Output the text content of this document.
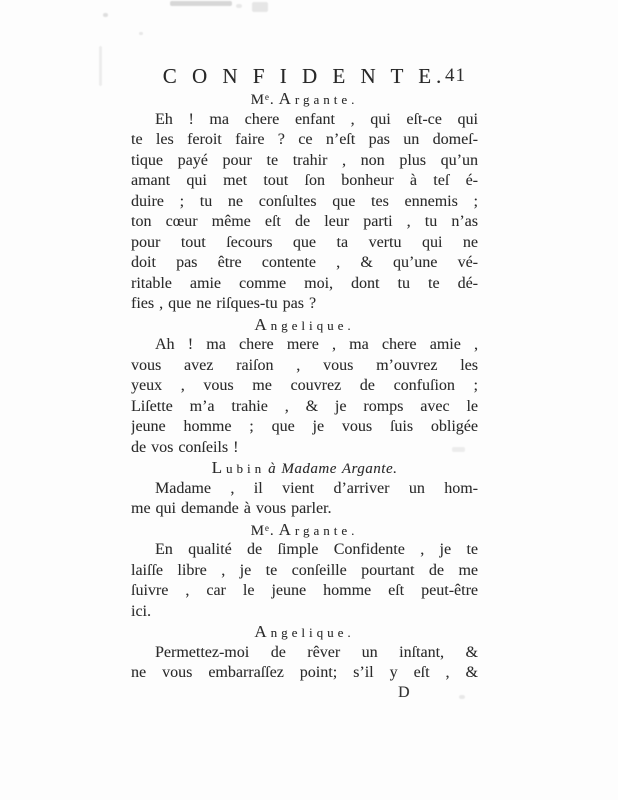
C O N F I D E N T E.
41
Mᵉ. Argante.
Eh ! ma chere enfant , qui eſt-ce qui
te les feroit faire ? ce n’eſt pas un domeſ-
tique payé pour te trahir , non plus qu’un
amant qui met tout ſon bonheur à teſ é-
duire ; tu ne conſultes que tes ennemis ;
ton cœur même eſt de leur parti , tu n’as
pour tout ſecours que ta vertu qui ne
doit pas être contente , & qu’une vé-
ritable amie comme moi, dont tu te dé-
fies , que ne riſques-tu pas ?
Angelique.
Ah ! ma chere mere , ma chere amie ,
vous avez raiſon , vous m’ouvrez les
yeux , vous me couvrez de confuſion ;
Liſette m’a trahie , & je romps avec le
jeune homme ; que je vous ſuis obligée
de vos conſeils !
Lubin à Madame Argante.
Madame , il vient d’arriver un hom-
me qui demande à vous parler.
Mᵉ. Argante.
En qualité de ſimple Confidente , je te
laiſſe libre , je te conſeille pourtant de me
ſuivre , car le jeune homme eſt peut-être
ici.
Angelique.
Permettez-moi de rêver un inſtant, &
ne vous embarraſſez point; s’il y eſt , &
D
